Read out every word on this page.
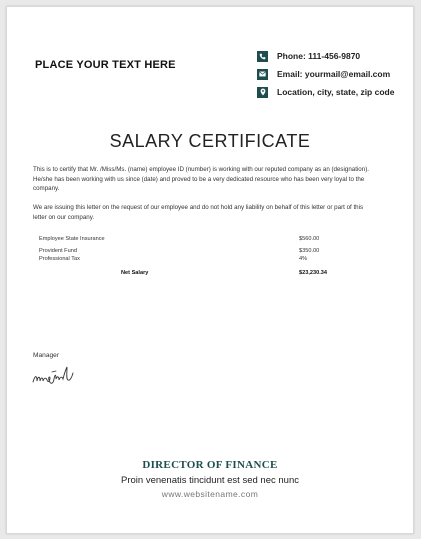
PLACE YOUR TEXT HERE
Phone: 111-456-9870
Email: yourmail@email.com
Location, city, state, zip code
SALARY CERTIFICATE
This is to certify that Mr. /Miss/Ms. (name) employee ID (number) is working with our reputed company as an (designation). He/she has been working with us since (date) and proved to be a very dedicated resource who has been very loyal to the company.
We are issuing this letter on the request of our employee and do not hold any liability on behalf of this letter or part of this letter on our company.
Employee State Insurance	$560.00
Provident Fund	$350.00
Professional Tax	4%
Net Salary	$23,230.34
Manager
DIRECTOR OF FINANCE
Proin venenatis tincidunt est sed nec nunc
www.websitename.com
